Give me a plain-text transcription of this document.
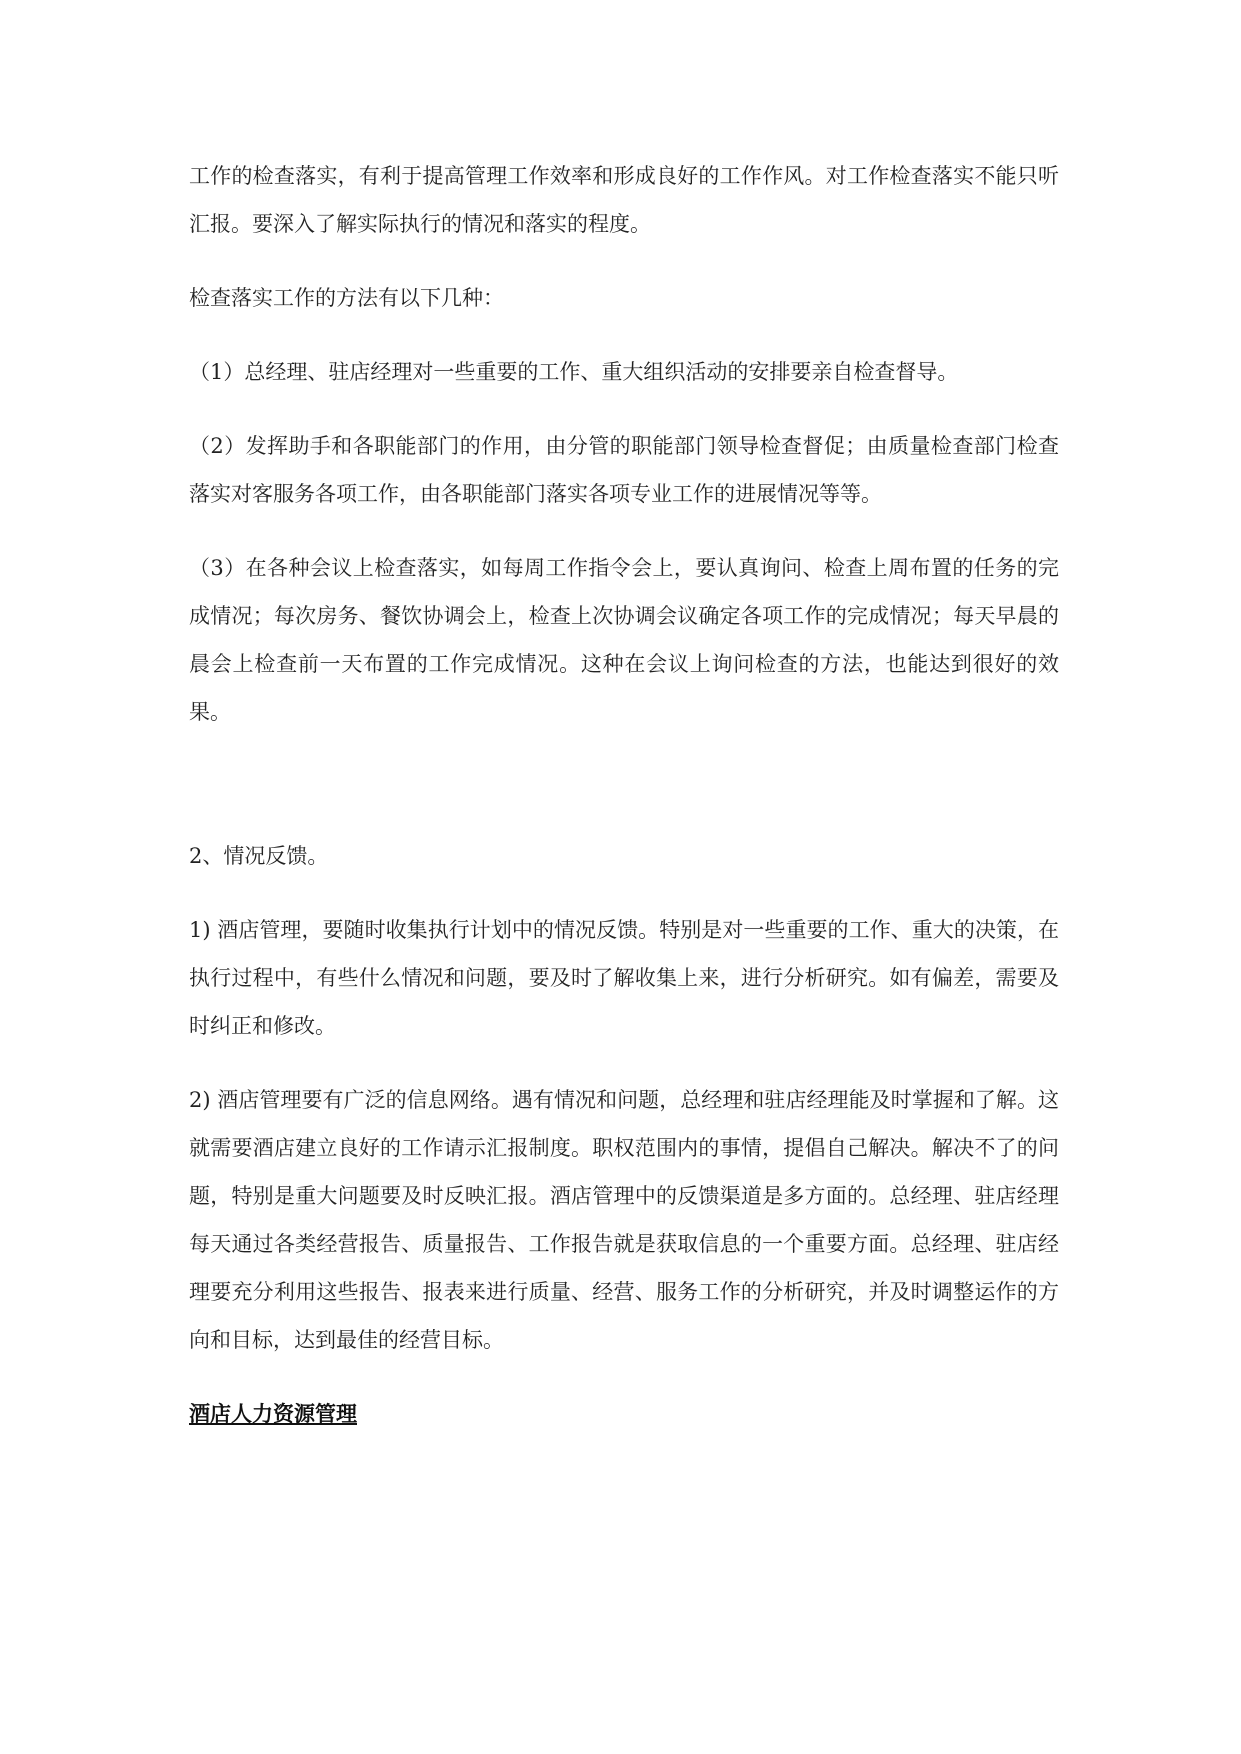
工作的检查落实，有利于提高管理工作效率和形成良好的工作作风。对工作检查落实不能只听汇报。要深入了解实际执行的情况和落实的程度。

检查落实工作的方法有以下几种：

（1）总经理、驻店经理对一些重要的工作、重大组织活动的安排要亲自检查督导。

（2）发挥助手和各职能部门的作用，由分管的职能部门领导检查督促；由质量检查部门检查落实对客服务各项工作，由各职能部门落实各项专业工作的进展情况等等。

（3）在各种会议上检查落实，如每周工作指令会上，要认真询问、检查上周布置的任务的完成情况；每次房务、餐饮协调会上，检查上次协调会议确定各项工作的完成情况；每天早晨的晨会上检查前一天布置的工作完成情况。这种在会议上询问检查的方法，也能达到很好的效果。

2、情况反馈。

1) 酒店管理，要随时收集执行计划中的情况反馈。特别是对一些重要的工作、重大的决策，在执行过程中，有些什么情况和问题，要及时了解收集上来，进行分析研究。如有偏差，需要及时纠正和修改。

2) 酒店管理要有广泛的信息网络。遇有情况和问题，总经理和驻店经理能及时掌握和了解。这就需要酒店建立良好的工作请示汇报制度。职权范围内的事情，提倡自己解决。解决不了的问题，特别是重大问题要及时反映汇报。酒店管理中的反馈渠道是多方面的。总经理、驻店经理每天通过各类经营报告、质量报告、工作报告就是获取信息的一个重要方面。总经理、驻店经理要充分利用这些报告、报表来进行质量、经营、服务工作的分析研究，并及时调整运作的方向和目标，达到最佳的经营目标。

酒店人力资源管理
